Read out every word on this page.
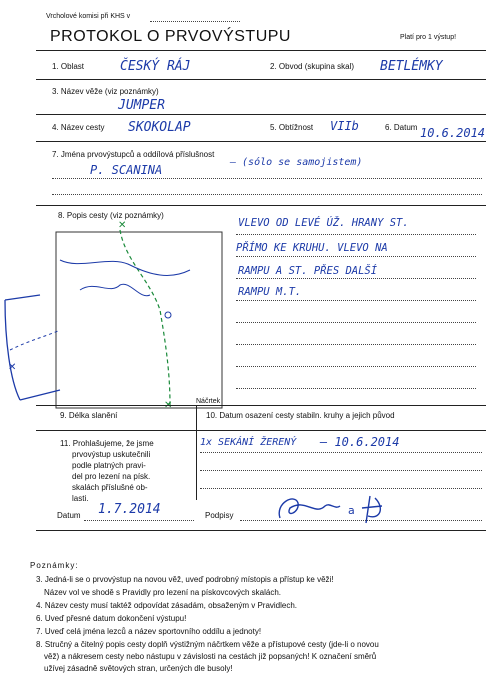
Vrcholové komisi při KHS v
PROTOKOL O PRVOVÝSTUPU	Platí pro 1 výstup!
1. Oblast	ČESKÝ RÁJ	2. Obvod (skupina skal) BETLÉMKY
3. Název věže (viz poznámky)
JUMPER
4. Název cesty SKOKOLAP	5. Obtížnost VIIb	6. Datum 10.6.2014
7. Jména prvovýstupců a oddílová příslušnost
P. SCANINA
– (sólo se samojistem)
8. Popis cesty (viz poznámky)
VLEVO OD LEVÉ ÚŽ. HRANY ST.
PŘÍMO KE KRUHU. VLEVO NA
RAMPU A ST. PŘES DALŠÍ
RAMPU M.T.
✕
✕
Náčrtek
9. Délka slanění	10. Datum osazení cesty stabiln. kruhy a jejich původ
11. Prohlašujeme, že jsme
prvovýstup uskutečnili
podle platných pravi-
del pro lezení na písk.
skalách příslušné ob-
lasti.
1x SEKÁNÍ ŽERENÝ – 10.6.2014
Datum 1.7.2014	Podpisy	a
Poznámky:
3. Jedná-li se o prvovýstup na novou věž, uveď podrobný místopis a přístup ke věži!
Název vol ve shodě s Pravidly pro lezení na pískovcových skalách.
4. Název cesty musí taktéž odpovídat zásadám, obsaženým v Pravidlech.
6. Uveď přesné datum dokončení výstupu!
7. Uveď celá jména lezců a název sportovního oddílu a jednoty!
8. Stručný a čitelný popis cesty doplň výstižným náčrtkem věže a přístupové cesty (jde-li o novou
věž) a nákresem cesty nebo nástupu v závislosti na cestách již popsaných! K označení směrů
užívej zásadně světových stran, určených dle busoly!
